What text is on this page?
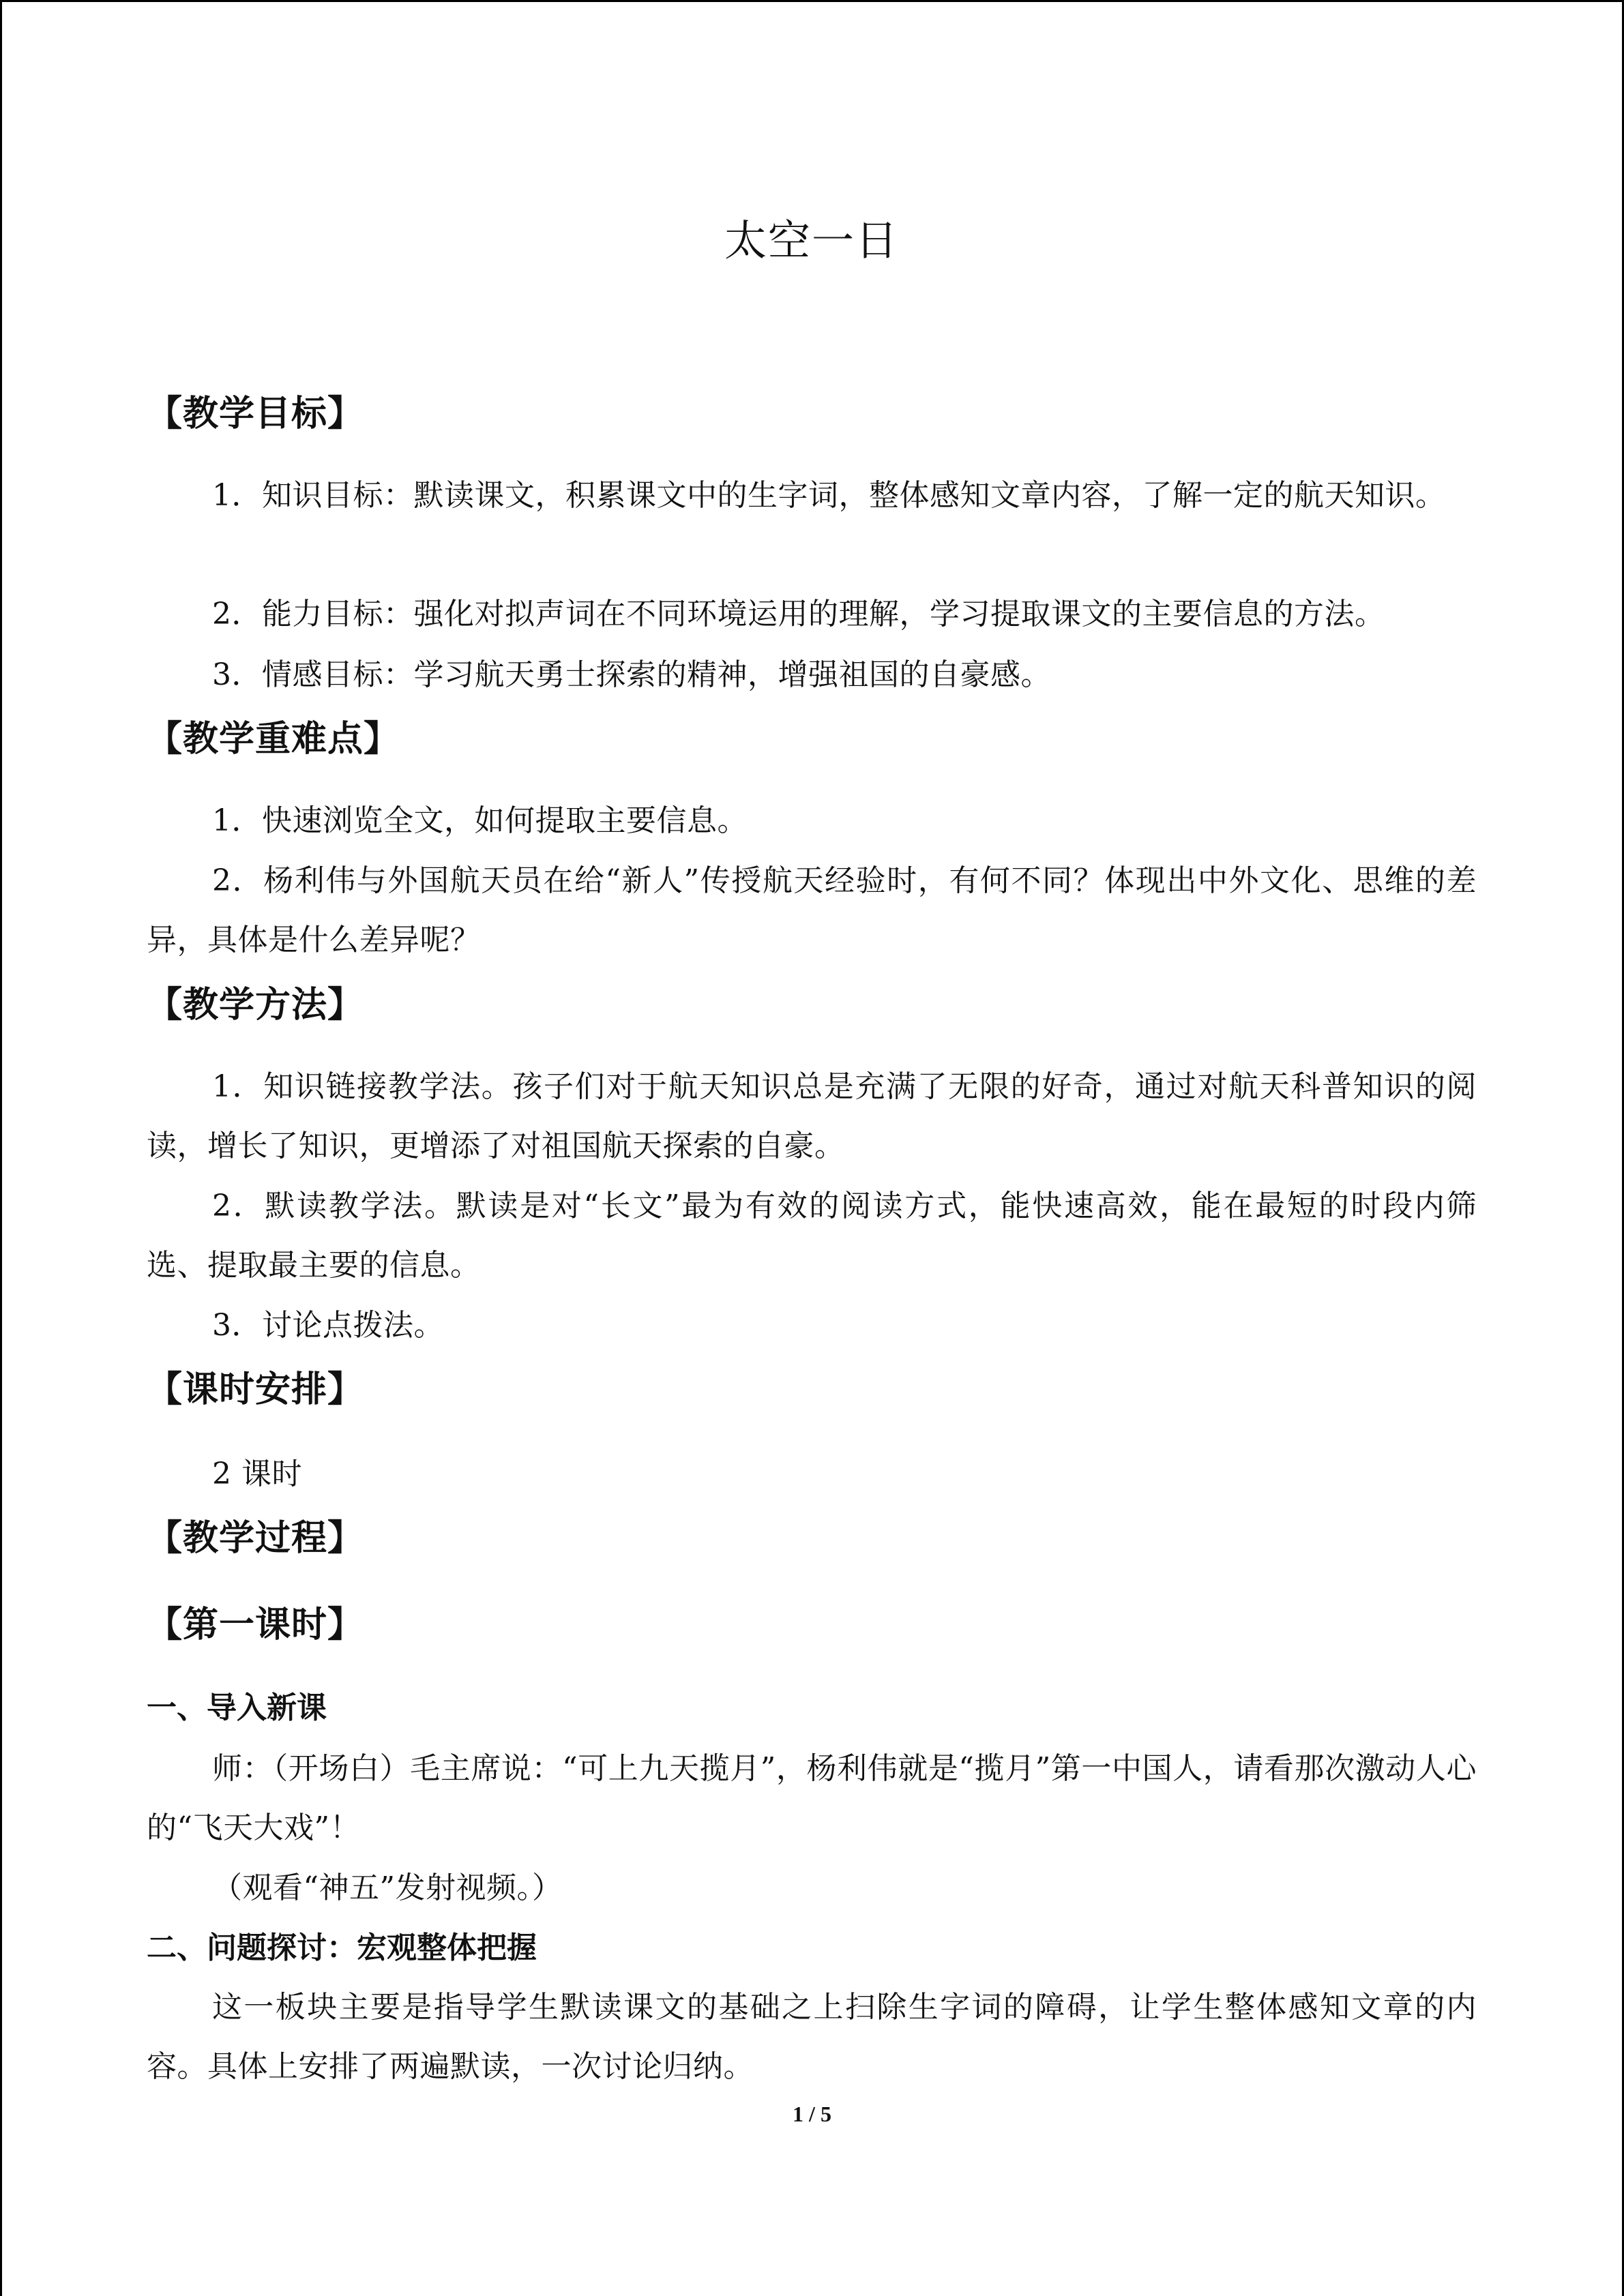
太空一日
【教学目标】
1．知识目标：默读课文，积累课文中的生字词，整体感知文章内容，了解一定的航天知识。
2．能力目标：强化对拟声词在不同环境运用的理解，学习提取课文的主要信息的方法。
3．情感目标：学习航天勇士探索的精神，增强祖国的自豪感。
【教学重难点】
1．快速浏览全文，如何提取主要信息。
2．杨利伟与外国航天员在给“新人”传授航天经验时，有何不同？体现出中外文化、思维的差异，具体是什么差异呢？
【教学方法】
1．知识链接教学法。孩子们对于航天知识总是充满了无限的好奇，通过对航天科普知识的阅读，增长了知识，更增添了对祖国航天探索的自豪。
2．默读教学法。默读是对“长文”最为有效的阅读方式，能快速高效，能在最短的时段内筛选、提取最主要的信息。
3．讨论点拨法。
【课时安排】
2 课时
【教学过程】
【第一课时】
一、导入新课
师：（开场白）毛主席说：“可上九天揽月”，杨利伟就是“揽月”第一中国人，请看那次激动人心的“飞天大戏”！
（观看“神五”发射视频。）
二、问题探讨：宏观整体把握
这一板块主要是指导学生默读课文的基础之上扫除生字词的障碍，让学生整体感知文章的内容。具体上安排了两遍默读，一次讨论归纳。
1 / 5
